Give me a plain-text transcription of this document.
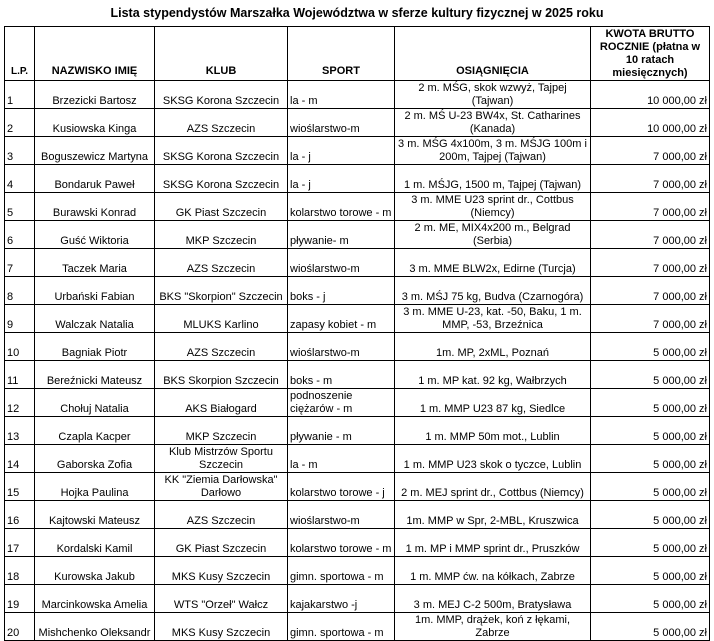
Lista stypendystów Marszałka Województwa w sferze kultury fizycznej w 2025 roku
L.P.	NAZWISKO IMIĘ	KLUB	SPORT	OSIĄGNIĘCIA	KWOTA BRUTTO ROCZNIE (płatna w 10 ratach miesięcznych)
1	Brzezicki Bartosz	SKSG Korona Szczecin	la - m	2 m. MŚG, skok wzwyż, Tajpej (Tajwan)	10 000,00 zł
2	Kusiowska Kinga	AZS Szczecin	wioślarstwo-m	2 m. MŚ U-23 BW4x, St. Catharines (Kanada)	10 000,00 zł
3	Boguszewicz Martyna	SKSG Korona Szczecin	la - j	3 m. MŚG 4x100m, 3 m. MŚJG 100m i 200m, Tajpej (Tajwan)	7 000,00 zł
4	Bondaruk Paweł	SKSG Korona Szczecin	la - j	1 m. MŚJG, 1500 m, Tajpej (Tajwan)	7 000,00 zł
5	Burawski Konrad	GK Piast Szczecin	kolarstwo torowe - m	3 m. MME U23 sprint dr., Cottbus (Niemcy)	7 000,00 zł
6	Guść Wiktoria	MKP Szczecin	pływanie- m	2 m. ME, MIX4x200 m., Belgrad (Serbia)	7 000,00 zł
7	Taczek Maria	AZS Szczecin	wioślarstwo-m	3 m. MME BLW2x, Edirne (Turcja)	7 000,00 zł
8	Urbański Fabian	BKS "Skorpion" Szczecin	boks - j	3 m. MŚJ 75 kg, Budva (Czarnogóra)	7 000,00 zł
9	Walczak Natalia	MLUKS Karlino	zapasy kobiet - m	3 m. MME U-23, kat. -50, Baku, 1 m. MMP, -53, Brzeźnica	7 000,00 zł
10	Bagniak Piotr	AZS Szczecin	wioślarstwo-m	1m. MP, 2xML, Poznań	5 000,00 zł
11	Bereźnicki Mateusz	BKS Skorpion Szczecin	boks - m	1 m. MP kat. 92 kg, Wałbrzych	5 000,00 zł
12	Chołuj Natalia	AKS Białogard	podnoszenie ciężarów - m	1 m. MMP U23 87 kg, Siedlce	5 000,00 zł
13	Czapla Kacper	MKP Szczecin	pływanie - m	1 m. MMP 50m mot., Lublin	5 000,00 zł
14	Gaborska Zofia	Klub Mistrzów Sportu Szczecin	la - m	1 m. MMP U23 skok o tyczce, Lublin	5 000,00 zł
15	Hojka Paulina	KK "Ziemia Darłowska" Darłowo	kolarstwo torowe - j	2 m. MEJ sprint dr., Cottbus (Niemcy)	5 000,00 zł
16	Kajtowski Mateusz	AZS Szczecin	wioślarstwo-m	1m. MMP w Spr, 2-MBL, Kruszwica	5 000,00 zł
17	Kordalski Kamil	GK Piast Szczecin	kolarstwo torowe - m	1 m. MP i MMP sprint dr., Pruszków	5 000,00 zł
18	Kurowska Jakub	MKS Kusy Szczecin	gimn. sportowa - m	1 m. MMP ćw. na kółkach, Zabrze	5 000,00 zł
19	Marcinkowska Amelia	WTS "Orzeł" Wałcz	kajakarstwo -j	3 m. MEJ C-2 500m, Bratysława	5 000,00 zł
20	Mishchenko Oleksandr	MKS Kusy Szczecin	gimn. sportowa - m	1m. MMP, drążek, koń z łękami, Zabrze	5 000,00 zł
